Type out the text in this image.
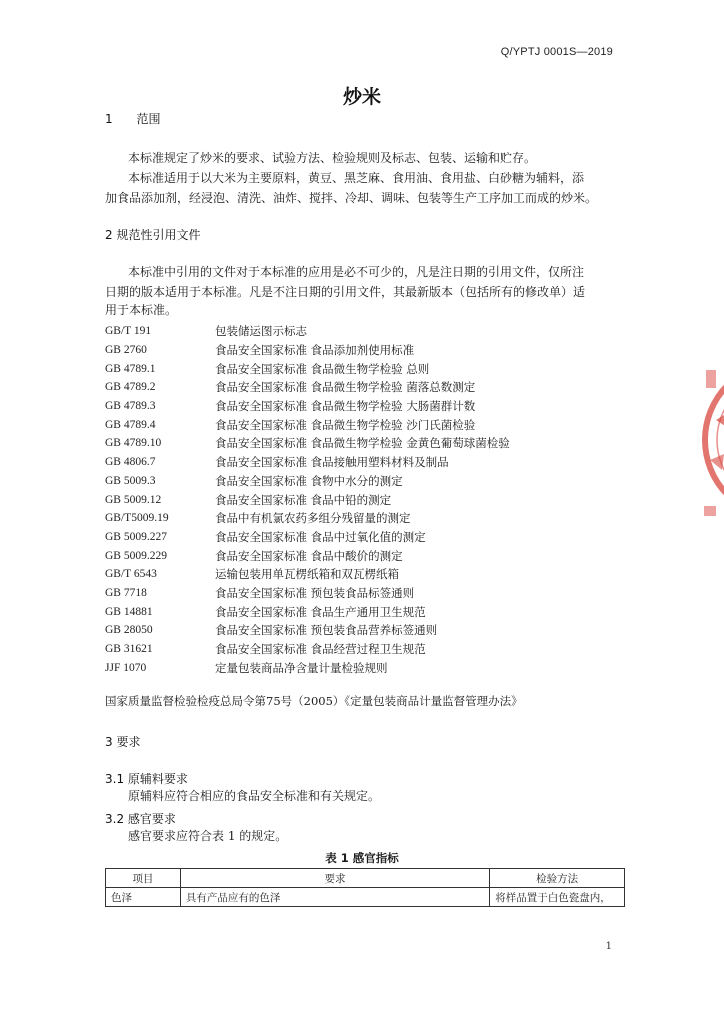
Q/YPTJ 0001S—2019
炒米
1 范围
本标准规定了炒米的要求、试验方法、检验规则及标志、包装、运输和贮存。
本标准适用于以大米为主要原料，黄豆、黑芝麻、食用油、食用盐、白砂糖为辅料，添
加食品添加剂，经浸泡、清洗、油炸、搅拌、冷却、调味、包装等生产工序加工而成的炒米。
2 规范性引用文件
本标准中引用的文件对于本标准的应用是必不可少的，凡是注日期的引用文件，仅所注
日期的版本适用于本标准。凡是不注日期的引用文件，其最新版本（包括所有的修改单）适
用于本标准。
GB/T 191	包装储运图示标志
GB 2760	食品安全国家标准 食品添加剂使用标准
GB 4789.1	食品安全国家标准 食品微生物学检验 总则
GB 4789.2	食品安全国家标准 食品微生物学检验 菌落总数测定
GB 4789.3	食品安全国家标准 食品微生物学检验 大肠菌群计数
GB 4789.4	食品安全国家标准 食品微生物学检验 沙门氏菌检验
GB 4789.10	食品安全国家标准 食品微生物学检验 金黄色葡萄球菌检验
GB 4806.7	食品安全国家标准 食品接触用塑料材料及制品
GB 5009.3	食品安全国家标准 食物中水分的测定
GB 5009.12	食品安全国家标准 食品中铅的测定
GB/T5009.19	食品中有机氯农药多组分残留量的测定
GB 5009.227	食品安全国家标准 食品中过氧化值的测定
GB 5009.229	食品安全国家标准 食品中酸价的测定
GB/T 6543	运输包装用单瓦楞纸箱和双瓦楞纸箱
GB 7718	食品安全国家标准 预包装食品标签通则
GB 14881	食品安全国家标准 食品生产通用卫生规范
GB 28050	食品安全国家标准 预包装食品营养标签通则
GB 31621	食品安全国家标准 食品经营过程卫生规范
JJF 1070	定量包装商品净含量计量检验规则
国家质量监督检验检疫总局令第75号（2005）《定量包装商品计量监督管理办法》
3 要求
3.1 原辅料要求
原辅料应符合相应的食品安全标准和有关规定。
3.2 感官要求
感官要求应符合表 1 的规定。
表 1 感官指标
项目	要求	检验方法
色泽	具有产品应有的色泽	将样品置于白色瓷盘内，
1
